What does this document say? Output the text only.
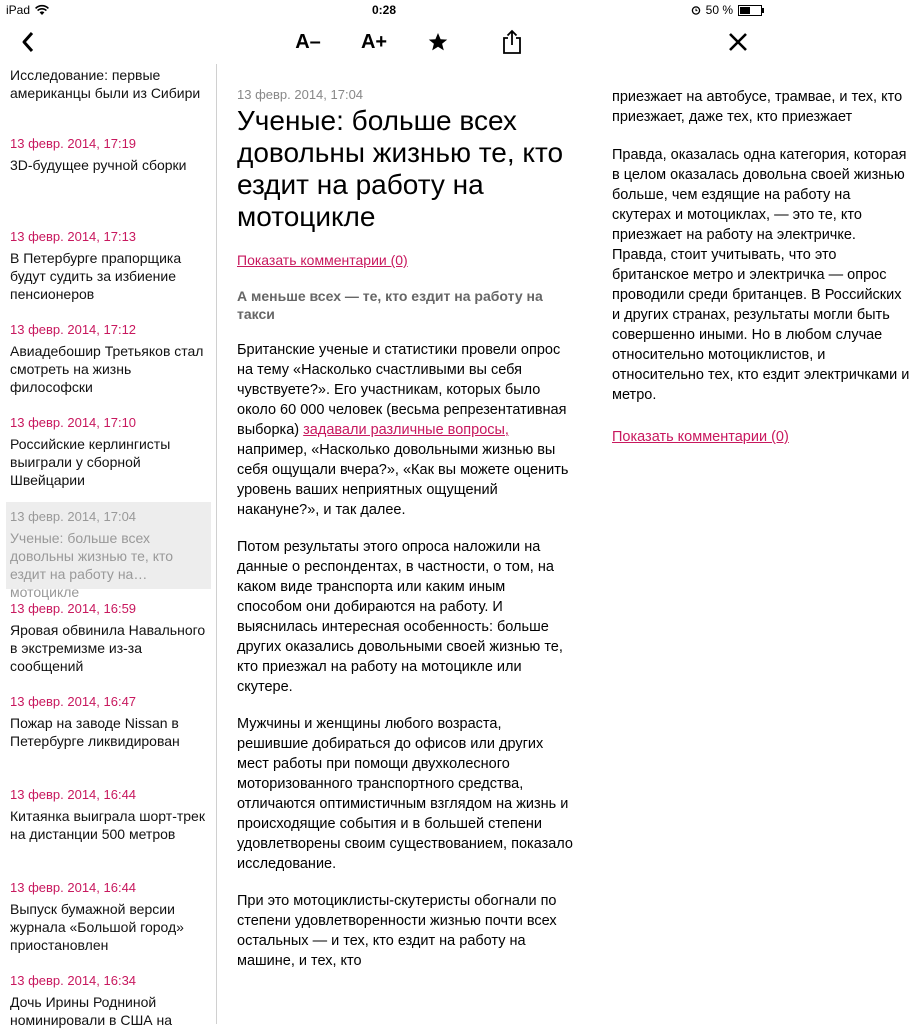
iPad	0:28	50 %
A– A+
Исследование: первые американцы были из Сибири
13 февр. 2014, 17:19
3D-будущее ручной сборки
13 февр. 2014, 17:13
В Петербурге прапорщика будут судить за избиение пенсионеров
13 февр. 2014, 17:12
Авиадебошир Третьяков стал смотреть на жизнь философски
13 февр. 2014, 17:10
Российские керлингисты выиграли у сборной Швейцарии
13 февр. 2014, 17:04
Ученые: больше всех довольны жизнью те, кто ездит на работу на мотоцикле
13 февр. 2014, 16:59
Яровая обвинила Навального в экстремизме из-за сообщений
13 февр. 2014, 16:47
Пожар на заводе Nissan в Петербурге ликвидирован
13 февр. 2014, 16:44
Китаянка выиграла шорт-трек на дистанции 500 метров
13 февр. 2014, 16:44
Выпуск бумажной версии журнала «Большой город» приостановлен
13 февр. 2014, 16:34
Дочь Ирины Родниной номинировали в США на
13 февр. 2014, 17:04
Ученые: больше всех довольны жизнью те, кто ездит на работу на мотоцикле
Показать комментарии (0)
А меньше всех — те, кто ездит на работу на такси

Британские ученые и статистики провели опрос на тему «Насколько счастливыми вы себя чувствуете?». Его участникам, которых было около 60 000 человек (весьма репрезентативная выборка) задавали различные вопросы, например, «Насколько довольными жизнью вы себя ощущали вчера?», «Как вы можете оценить уровень ваших неприятных ощущений накануне?», и так далее.

Потом результаты этого опроса наложили на данные о респондентах, в частности, о том, на каком виде транспорта или каким иным способом они добираются на работу. И выяснилась интересная особенность: больше других оказались довольными своей жизнью те, кто приезжал на работу на мотоцикле или скутере.

Мужчины и женщины любого возраста, решившие добираться до офисов или других мест работы при помощи двухколесного моторизованного транспортного средства, отличаются оптимистичным взглядом на жизнь и происходящие события и в большей степени удовлетворены своим существованием, показало исследование.

При это мотоциклисты-скутеристы обогнали по степени удовлетворенности жизнью почти всех остальных — и тех, кто ездит на работу на машине, и тех, кто

приезжает на автобусе, трамвае, и тех, кто приезжает, даже тех, кто приезжает

Правда, оказалась одна категория, которая в целом оказалась довольна своей жизнью больше, чем ездящие на работу на скутерах и мотоциклах, — это те, кто приезжает на работу на электричке. Правда, стоит учитывать, что это британское метро и электричка — опрос проводили среди британцев. В Российских и других странах, результаты могли быть совершенно иными. Но в любом случае относительно мотоциклистов, и относительно тех, кто ездит электричками и метро.

Показать комментарии (0)
